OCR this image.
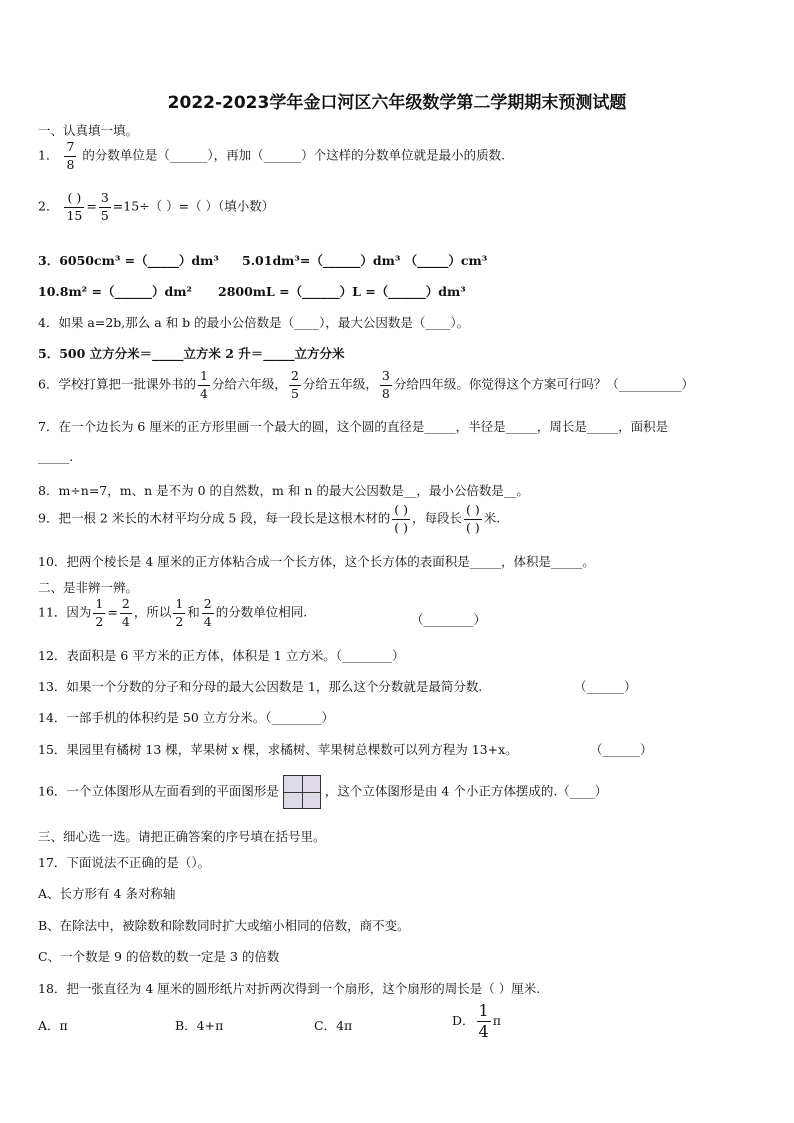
2022-2023学年金口河区六年级数学第二学期期末预测试题
一、认真填一填。
1． $\frac{7}{8}$ 的分数单位是（______），再加（______）个这样的分数单位就是最小的质数.
2． $\frac{( )}{15} = \frac{3}{5} =15\div$（ ）=（ ）（填小数）
3．6050cm³ =（_____）dm³ 5.01dm³=（______）dm³ （_____）cm³
10.8m² =（______）dm² 2800mL =（______）L =（______）dm³
4．如果 a=2b,那么 a 和 b 的最小公倍数是（____），最大公因数是（____）。
5．500 立方分米＝_____立方米 2 升＝_____立方分米
6．学校打算把一批课外书的 $\frac{1}{4}$ 分给六年级， $\frac{2}{5}$ 分给五年级， $\frac{3}{8}$ 分给四年级。你觉得这个方案可行吗？（__________）
7．在一个边长为 6 厘米的正方形里画一个最大的圆，这个圆的直径是_____，半径是_____，周长是_____，面积是
_____.
8．m÷n=7，m、n 是不为 0 的自然数，m 和 n 的最大公因数是__，最小公倍数是__。
9．把一根 2 米长的木材平均分成 5 段，每一段长是这根木材的 $\frac{( )}{( )}$ ，每段长 $\frac{( )}{( )}$ 米.
10．把两个棱长是 4 厘米的正方体粘合成一个长方体，这个长方体的表面积是_____，体积是_____。
二、是非辨一辨。
11．因为 $\frac{1}{2} = \frac{2}{4}$ ，所以 $\frac{1}{2}$ 和 $\frac{2}{4}$ 的分数单位相同.	（________）
12．表面积是 6 平方米的正方体，体积是 1 立方米。（________）
13．如果一个分数的分子和分母的最大公因数是 1，那么这个分数就是最简分数.	（______）
14．一部手机的体积约是 50 立方分米。（________）
15．果园里有橘树 13 棵，苹果树 x 棵，求橘树、苹果树总棵数可以列方程为 13+x。	（______）
16．一个立体图形从左面看到的平面图形是	，这个立体图形是由 4 个小正方体摆成的.（____）
三、细心选一选。请把正确答案的序号填在括号里。
17．下面说法不正确的是（）。
A、长方形有 4 条对称轴
B、在除法中，被除数和除数同时扩大或缩小相同的倍数，商不变。
C、一个数是 9 的倍数的数一定是 3 的倍数
18．把一张直径为 4 厘米的圆形纸片对折两次得到一个扇形，这个扇形的周长是（ ）厘米.
A．π	B．4+π	C．4π	D． $\frac{1}{4}$ π
